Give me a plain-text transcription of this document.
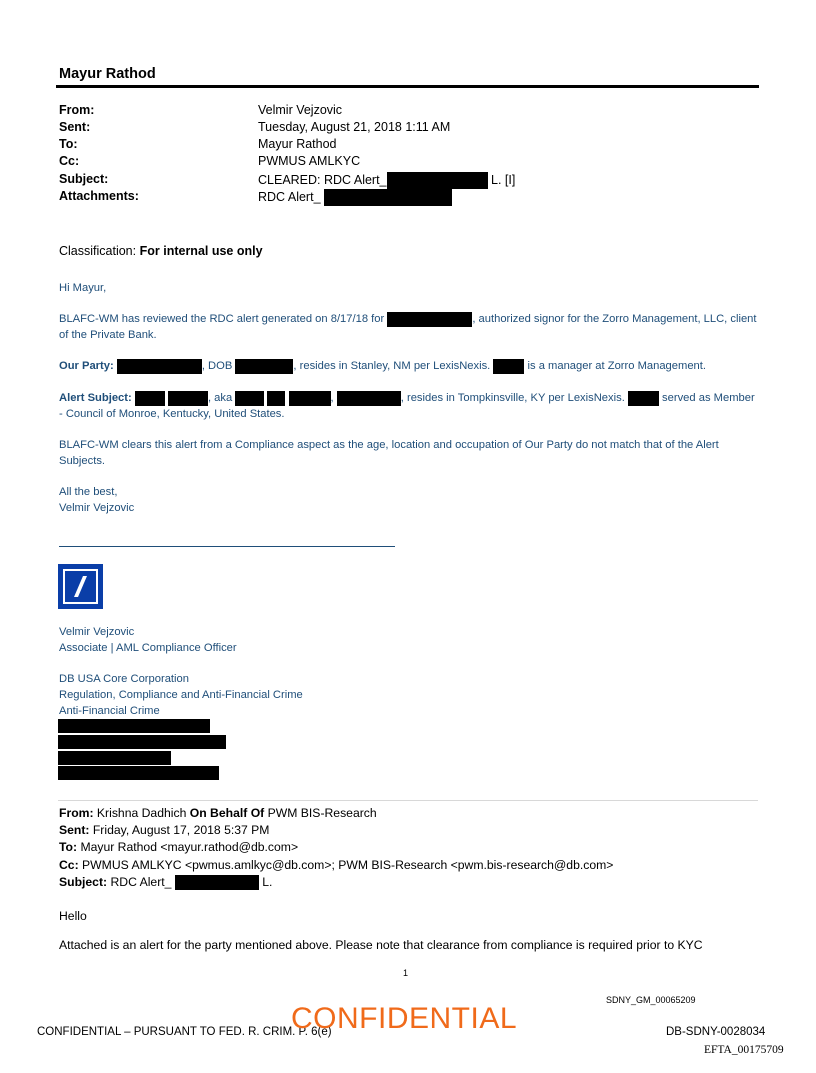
Mayur Rathod
From:	Velmir Vejzovic
Sent:	Tuesday, August 21, 2018 1:11 AM
To:	Mayur Rathod
Cc:	PWMUS AMLKYC
Subject:	CLEARED: RDC Alert_	L. [I]
Attachments:	RDC Alert_
Classification: For internal use only
Hi Mayur,
BLAFC-WM has reviewed the RDC alert generated on 8/17/18 for	, authorized signor for the Zorro Management, LLC, client of the Private Bank.
Our Party:	, DOB	, resides in Stanley, NM per LexisNexis.	is a manager at Zorro Management.
Alert Subject:	, aka	,	, resides in Tompkinsville, KY per LexisNexis.	served as Member - Council of Monroe, Kentucky, United States.
BLAFC-WM clears this alert from a Compliance aspect as the age, location and occupation of Our Party do not match that of the Alert Subjects.
All the best,
Velmir Vejzovic
Velmir Vejzovic
Associate | AML Compliance Officer
DB USA Core Corporation
Regulation, Compliance and Anti-Financial Crime
Anti-Financial Crime
From: Krishna Dadhich On Behalf Of PWM BIS-Research
Sent: Friday, August 17, 2018 5:37 PM
To: Mayur Rathod <mayur.rathod@db.com>
Cc: PWMUS AMLKYC <pwmus.amlkyc@db.com>; PWM BIS-Research <pwm.bis-research@db.com>
Subject: RDC Alert_	L.
Hello
Attached is an alert for the party mentioned above. Please note that clearance from compliance is required prior to KYC
1
SDNY_GM_00065209
CONFIDENTIAL – PURSUANT TO FED. R. CRIM. P. 6(e)
CONFIDENTIAL	DB-SDNY-0028034
EFTA_00175709
